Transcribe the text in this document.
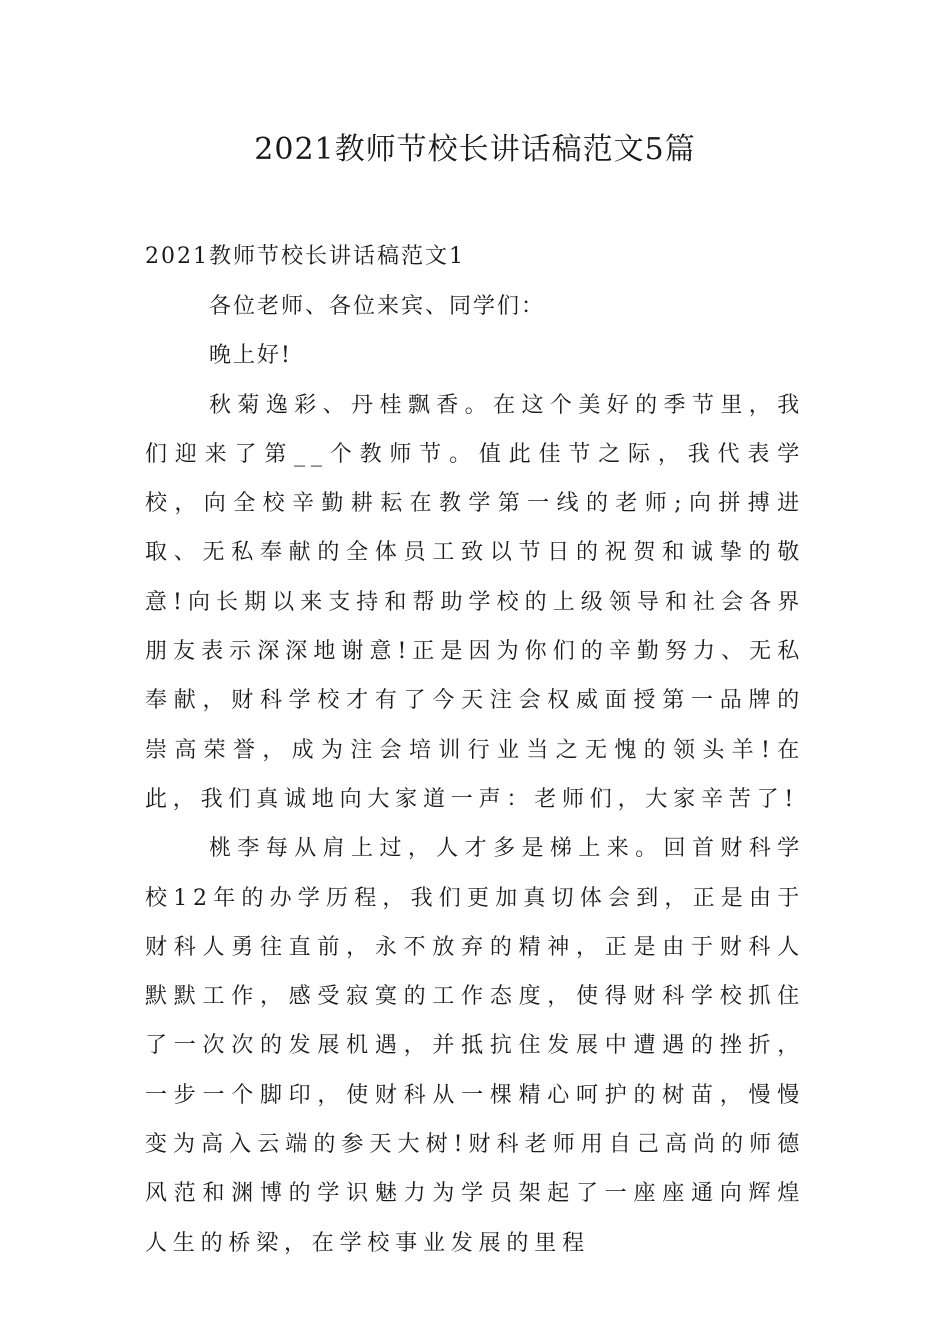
2021教师节校长讲话稿范文5篇

2021教师节校长讲话稿范文1

各位老师、各位来宾、同学们：

晚上好!

秋菊逸彩、丹桂飘香。在这个美好的季节里，我们迎来了第__个教师节。值此佳节之际，我代表学校，向全校辛勤耕耘在教学第一线的老师;向拼搏进取、无私奉献的全体员工致以节日的祝贺和诚挚的敬意!向长期以来支持和帮助学校的上级领导和社会各界朋友表示深深地谢意!正是因为你们的辛勤努力、无私奉献，财科学校才有了今天注会权威面授第一品牌的崇高荣誉，成为注会培训行业当之无愧的领头羊!在此，我们真诚地向大家道一声：老师们，大家辛苦了!

桃李每从肩上过，人才多是梯上来。回首财科学校12年的办学历程，我们更加真切体会到，正是由于财科人勇往直前，永不放弃的精神，正是由于财科人默默工作，感受寂寞的工作态度，使得财科学校抓住了一次次的发展机遇，并抵抗住发展中遭遇的挫折，一步一个脚印，使财科从一棵精心呵护的树苗，慢慢变为高入云端的参天大树!财科老师用自己高尚的师德风范和渊博的学识魅力为学员架起了一座座通向辉煌人生的桥梁，在学校事业发展的里程
